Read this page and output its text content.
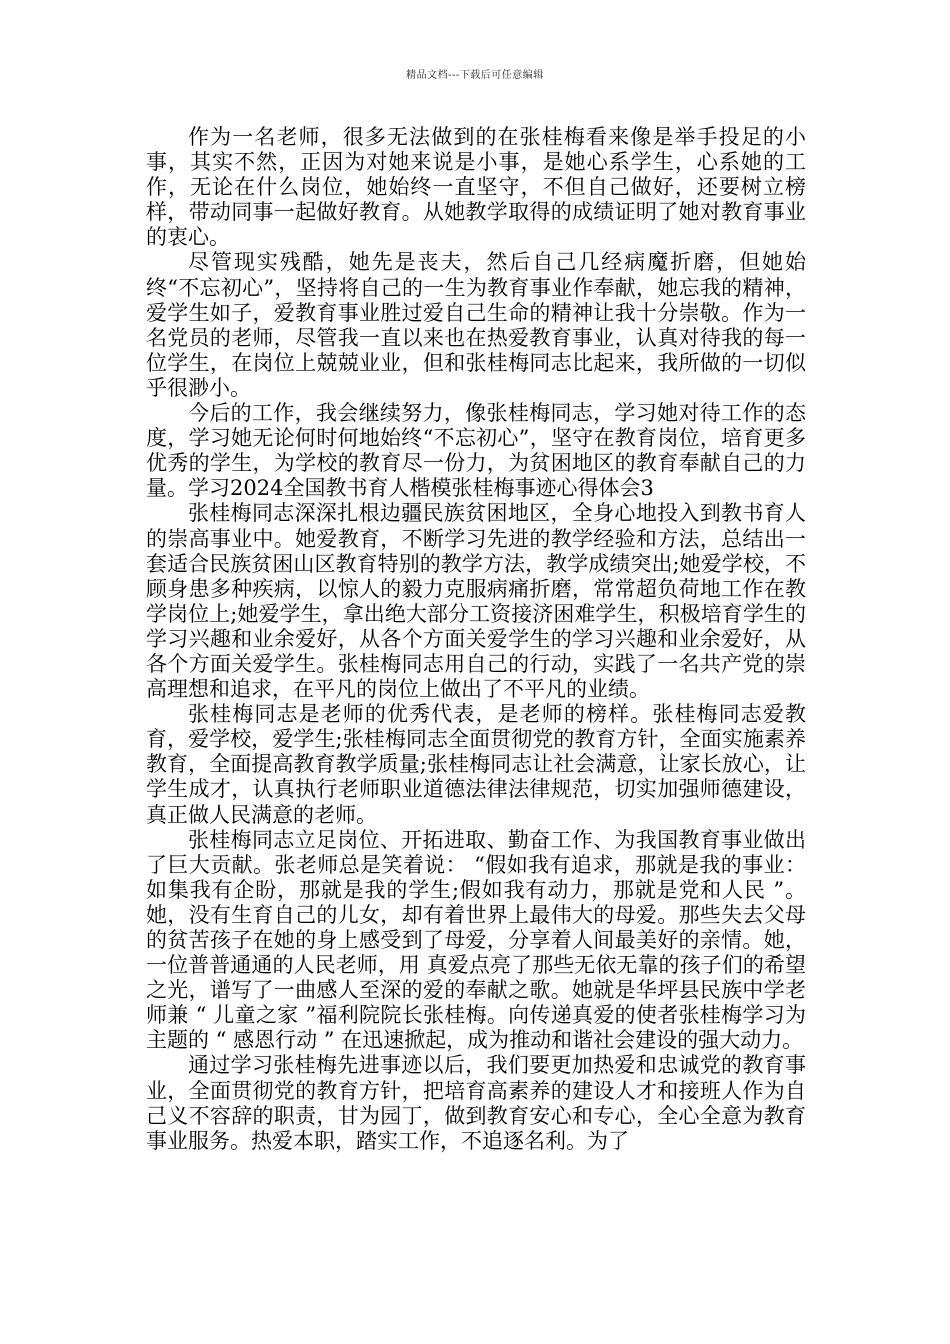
精品文档---下载后可任意编辑

作为一名老师，很多无法做到的在张桂梅看来像是举手投足的小事，其实不然，正因为对她来说是小事，是她心系学生，心系她的工作，无论在什么岗位，她始终一直坚守，不但自己做好，还要树立榜样，带动同事一起做好教育。从她教学取得的成绩证明了她对教育事业的衷心。

尽管现实残酷，她先是丧夫，然后自己几经病魔折磨，但她始终“不忘初心”，坚持将自己的一生为教育事业作奉献，她忘我的精神，爱学生如子，爱教育事业胜过爱自己生命的精神让我十分崇敬。作为一名党员的老师，尽管我一直以来也在热爱教育事业，认真对待我的每一位学生，在岗位上兢兢业业，但和张桂梅同志比起来，我所做的一切似乎很渺小。

今后的工作，我会继续努力，像张桂梅同志，学习她对待工作的态度，学习她无论何时何地始终“不忘初心”，坚守在教育岗位，培育更多优秀的学生，为学校的教育尽一份力，为贫困地区的教育奉献自己的力量。学习2024全国教书育人楷模张桂梅事迹心得体会3

张桂梅同志深深扎根边疆民族贫困地区，全身心地投入到教书育人的崇高事业中。她爱教育，不断学习先进的教学经验和方法，总结出一套适合民族贫困山区教育特别的教学方法，教学成绩突出;她爱学校，不顾身患多种疾病，以惊人的毅力克服病痛折磨，常常超负荷地工作在教学岗位上;她爱学生，拿出绝大部分工资接济困难学生，积极培育学生的学习兴趣和业余爱好，从各个方面关爱学生的学习兴趣和业余爱好，从各个方面关爱学生。张桂梅同志用自己的行动，实践了一名共产党的崇高理想和追求，在平凡的岗位上做出了不平凡的业绩。

张桂梅同志是老师的优秀代表，是老师的榜样。张桂梅同志爱教育，爱学校，爱学生;张桂梅同志全面贯彻党的教育方针，全面实施素养教育，全面提高教育教学质量;张桂梅同志让社会满意，让家长放心，让学生成才，认真执行老师职业道德法律法律规范，切实加强师德建设，真正做人民满意的老师。

张桂梅同志立足岗位、开拓进取、勤奋工作、为我国教育事业做出了巨大贡献。张老师总是笑着说： “假如我有追求，那就是我的事业：如集我有企盼，那就是我的学生;假如我有动力，那就是党和人民 ”。她，没有生育自己的儿女，却有着世界上最伟大的母爱。那些失去父母的贫苦孩子在她的身上感受到了母爱，分享着人间最美好的亲情。她，一位普普通通的人民老师，用 真爱点亮了那些无依无靠的孩子们的希望之光，谱写了一曲感人至深的爱的奉献之歌。她就是华坪县民族中学老师兼 “ 儿童之家 ”福利院院长张桂梅。向传递真爱的使者张桂梅学习为主题的 “ 感恩行动 ” 在迅速掀起，成为推动和谐社会建设的强大动力。

通过学习张桂梅先进事迹以后，我们要更加热爱和忠诚党的教育事业，全面贯彻党的教育方针，把培育高素养的建设人才和接班人作为自己义不容辞的职责，甘为园丁，做到教育安心和专心，全心全意为教育事业服务。热爱本职，踏实工作，不追逐名利。为了
